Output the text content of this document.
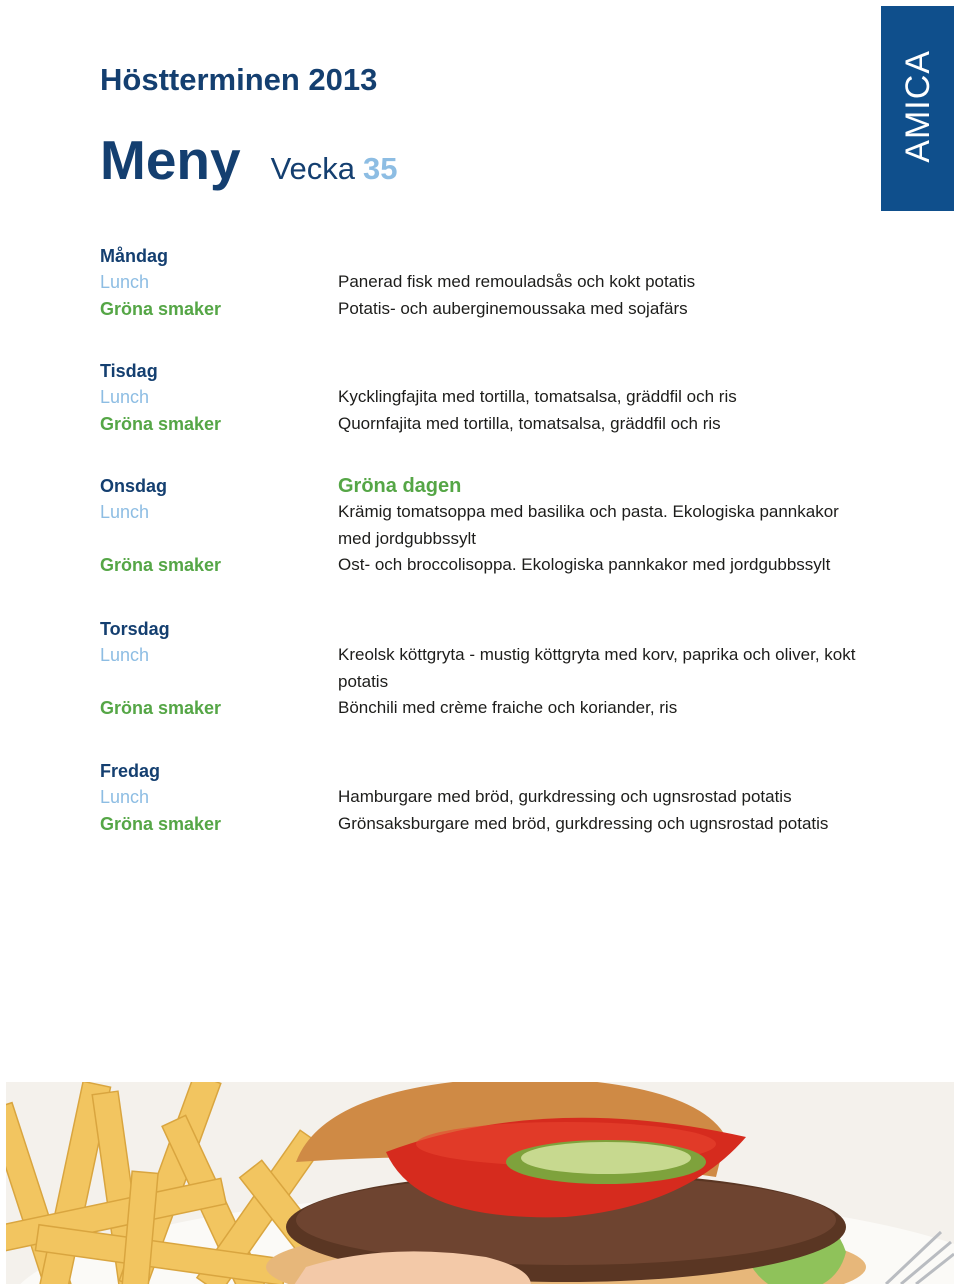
AMICA
Höstterminen 2013
Meny Vecka 35
Måndag
Lunch	Panerad fisk med remouladsås och kokt potatis
Gröna smaker	Potatis- och auberginemoussaka med sojafärs
Tisdag
Lunch	Kycklingfajita med tortilla, tomatsalsa, gräddfil och ris
Gröna smaker	Quornfajita med tortilla, tomatsalsa, gräddfil och ris
Onsdag	Gröna dagen
Lunch	Krämig tomatsoppa med basilika och pasta. Ekologiska pannkakor med jordgubbssylt
Gröna smaker	Ost- och broccolisoppa. Ekologiska pannkakor med jordgubbssylt
Torsdag
Lunch	Kreolsk köttgryta - mustig köttgryta med korv, paprika och oliver, kokt potatis
Gröna smaker	Bönchili med crème fraiche och koriander, ris
Fredag
Lunch	Hamburgare med bröd, gurkdressing och ugnsrostad potatis
Gröna smaker	Grönsaksburgare med bröd, gurkdressing och ugnsrostad potatis
